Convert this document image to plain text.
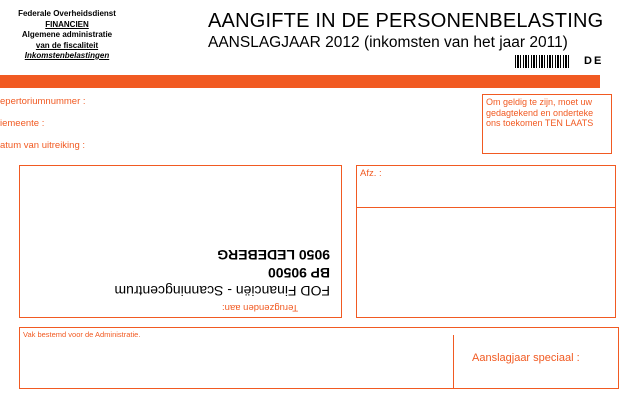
Federale Overheidsdienst
FINANCIEN
Algemene administratie
van de fiscaliteit
Inkomstenbelastingen
AANGIFTE IN DE PERSONENBELASTING
AANSLAGJAAR 2012 (inkomsten van het jaar 2011)
DE
epertoriumnummer :
iemeente :
atum van uitreiking :
Om geldig te zijn, moet uw
gedagtekend en onderteke
ons toekomen TEN LAATS
FOD Financiën - Scanningcentrum
BP 90500
9050 LEDEBERG
Terugzenden aan:
Afz. :
Vak bestemd voor de Administratie.
Aanslagjaar speciaal :
